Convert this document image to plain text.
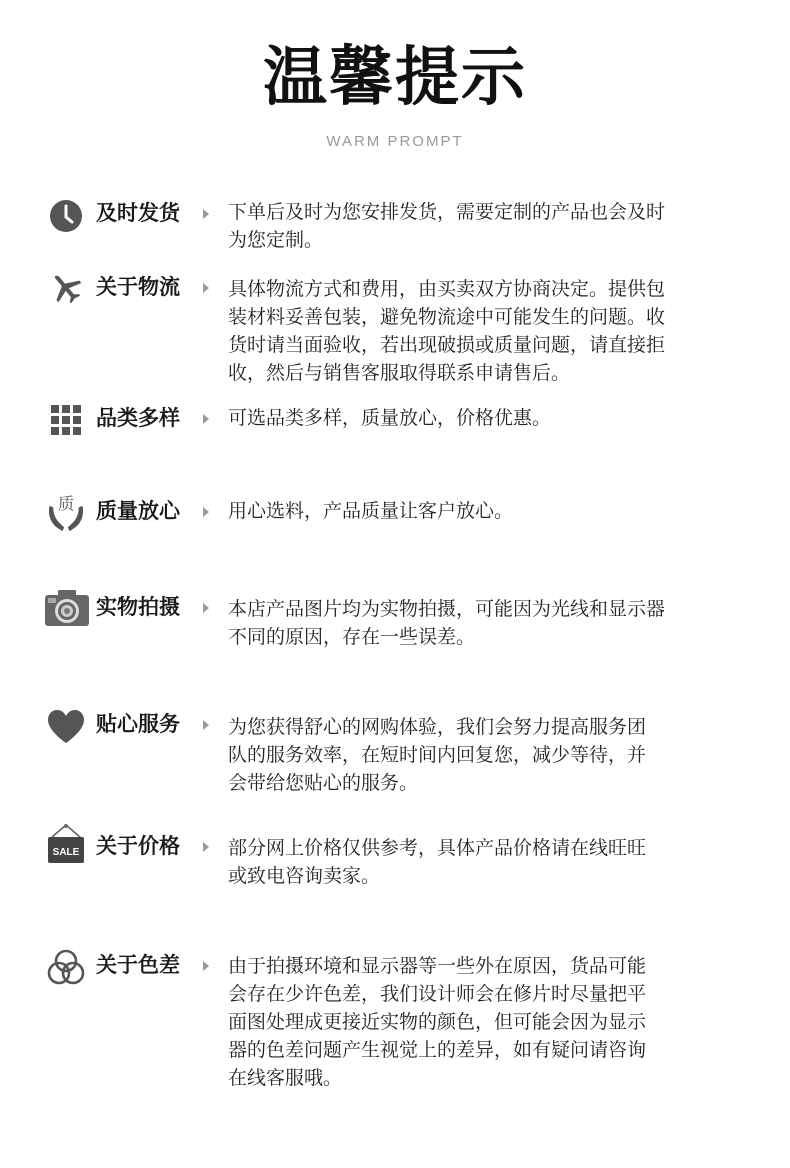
温馨提示
WARM PROMPT
及时发货	下单后及时为您安排发货，需要定制的产品也会及时
为您定制。
关于物流	具体物流方式和费用，由买卖双方协商决定。提供包
装材料妥善包装，避免物流途中可能发生的问题。收
货时请当面验收，若出现破损或质量问题，请直接拒
收，然后与销售客服取得联系申请售后。
品类多样	可选品类多样，质量放心，价格优惠。
质 质量放心	用心选料，产品质量让客户放心。
实物拍摄	本店产品图片均为实物拍摄，可能因为光线和显示器
不同的原因，存在一些误差。
贴心服务	为您获得舒心的网购体验，我们会努力提高服务团
队的服务效率，在短时间内回复您，减少等待，并
会带给您贴心的服务。
SALE 关于价格	部分网上价格仅供参考，具体产品价格请在线旺旺
或致电咨询卖家。
关于色差	由于拍摄环境和显示器等一些外在原因，货品可能
会存在少许色差，我们设计师会在修片时尽量把平
面图处理成更接近实物的颜色，但可能会因为显示
器的色差问题产生视觉上的差异，如有疑问请咨询
在线客服哦。
